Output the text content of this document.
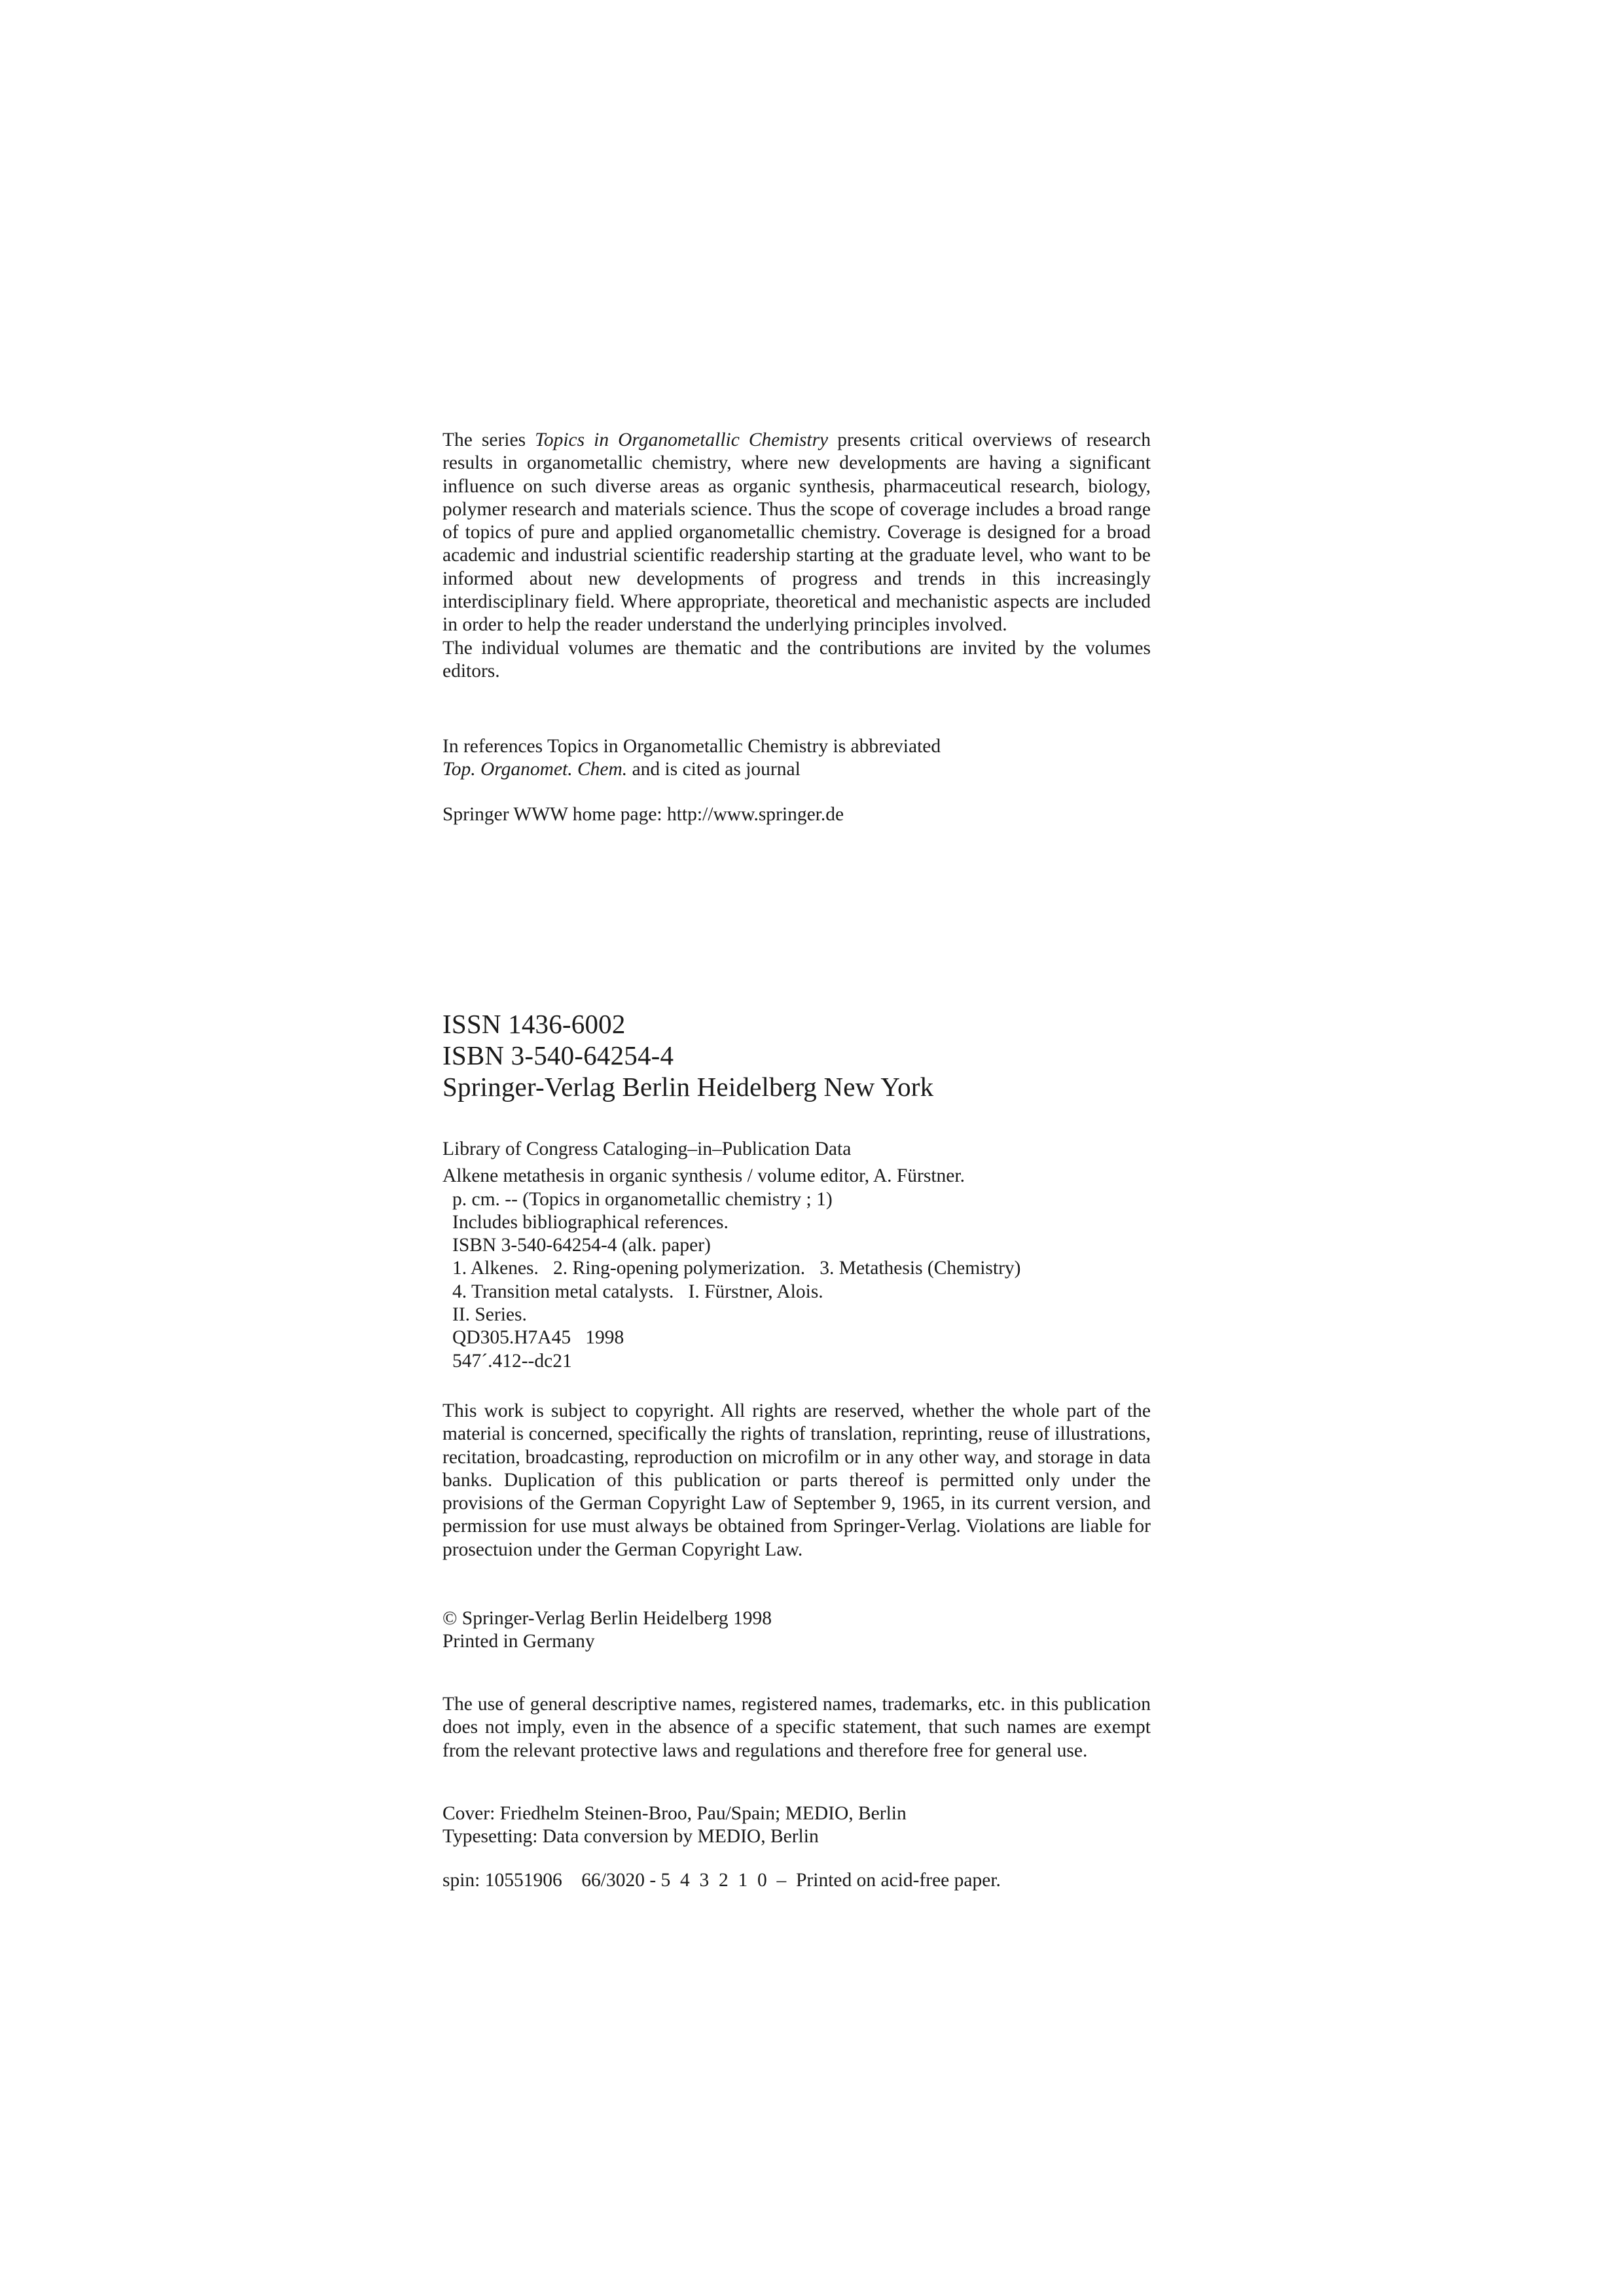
The series Topics in Organometallic Chemistry presents critical overviews of research results in organometallic chemistry, where new developments are having a significant influence on such diverse areas as organic synthesis, pharmaceutical research, biology, polymer research and materials science. Thus the scope of coverage includes a broad range of topics of pure and applied organometallic chemistry. Coverage is designed for a broad academic and industrial scientific readership starting at the graduate level, who want to be informed about new developments of progress and trends in this increasingly interdisciplinary field. Where appropriate, theoretical and mechanistic aspects are included in order to help the reader understand the underlying principles involved.

The individual volumes are thematic and the contributions are invited by the volumes editors.

In references Topics in Organometallic Chemistry is abbreviated

Top. Organomet. Chem. and is cited as journal

Springer WWW home page: http://www.springer.de
ISSN 1436-6002
ISBN 3-540-64254-4
Springer-Verlag Berlin Heidelberg New York
Library of Congress Cataloging–in–Publication Data
Alkene metathesis in organic synthesis / volume editor, A. Fürstner.
p. cm. -- (Topics in organometallic chemistry ; 1)
Includes bibliographical references.
ISBN 3-540-64254-4 (alk. paper)
1. Alkenes.   2. Ring-opening polymerization.   3. Metathesis (Chemistry)
4. Transition metal catalysts.   I. Fürstner, Alois.
II. Series.
QD305.H7A45   1998
547´.412--dc21
This work is subject to copyright. All rights are reserved, whether the whole part of the material is concerned, specifically the rights of translation, reprinting, reuse of illustrations, recitation, broadcasting, reproduction on microfilm or in any other way, and storage in data banks. Duplication of this publication or parts thereof is permitted only under the provisions of the German Copyright Law of September 9, 1965, in its current version, and permission for use must always be obtained from Springer-Verlag. Violations are liable for prosectuion under the German Copyright Law.
© Springer-Verlag Berlin Heidelberg 1998
Printed in Germany
The use of general descriptive names, registered names, trademarks, etc. in this publication does not imply, even in the absence of a specific statement, that such names are exempt from the relevant protective laws and regulations and therefore free for general use.
Cover: Friedhelm Steinen-Broo, Pau/Spain; MEDIO, Berlin
Typesetting: Data conversion by MEDIO, Berlin
spin: 10551906    66/3020 - 5  4  3  2  1  0  –  Printed on acid-free paper.
